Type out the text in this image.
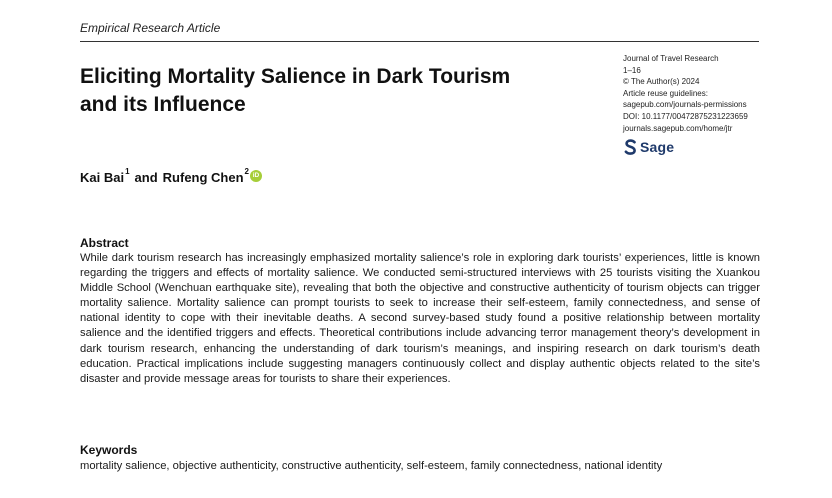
Empirical Research Article
Eliciting Mortality Salience in Dark Tourism and its Influence
Journal of Travel Research
1–16
© The Author(s) 2024
Article reuse guidelines:
sagepub.com/journals-permissions
DOI: 10.1177/00472875231223659
journals.sagepub.com/home/jtr
Sage
Kai Bai$^1$ and Rufeng Chen$^2$ iD
Abstract

While dark tourism research has increasingly emphasized mortality salience’s role in exploring dark tourists’ experiences, little is known regarding the triggers and effects of mortality salience. We conducted semi-structured interviews with 25 tourists visiting the Xuankou Middle School (Wenchuan earthquake site), revealing that both the objective and constructive authenticity of tourism objects can trigger mortality salience. Mortality salience can prompt tourists to seek to increase their self-esteem, family connectedness, and sense of national identity to cope with their inevitable deaths. A second survey-based study found a positive relationship between mortality salience and the identified triggers and effects. Theoretical contributions include advancing terror management theory’s development in dark tourism research, enhancing the understanding of dark tourism’s meanings, and inspiring research on dark tourism’s death education. Practical implications include suggesting managers continuously collect and display authentic objects related to the site’s disaster and provide message areas for tourists to share their experiences.

Keywords

mortality salience, objective authenticity, constructive authenticity, self-esteem, family connectedness, national identity
